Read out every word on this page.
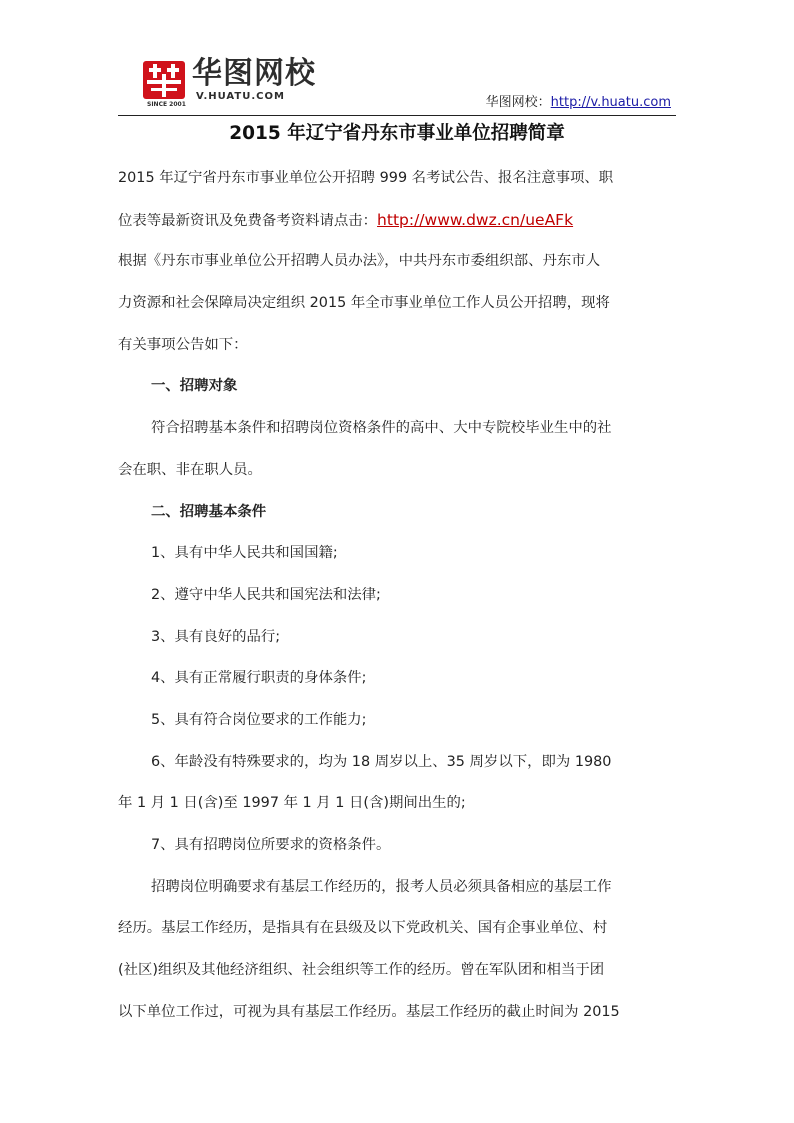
SINCE 2001
华图网校
V.HUATU.COM	华图网校：http://v.huatu.com
2015 年辽宁省丹东市事业单位招聘简章
2015 年辽宁省丹东市事业单位公开招聘 999 名考试公告、报名注意事项、职
位表等最新资讯及免费备考资料请点击：http://www.dwz.cn/ueAFk
根据《丹东市事业单位公开招聘人员办法》，中共丹东市委组织部、丹东市人
力资源和社会保障局决定组织 2015 年全市事业单位工作人员公开招聘，现将
有关事项公告如下：
一、招聘对象
符合招聘基本条件和招聘岗位资格条件的高中、大中专院校毕业生中的社
会在职、非在职人员。
二、招聘基本条件
1、具有中华人民共和国国籍;
2、遵守中华人民共和国宪法和法律;
3、具有良好的品行;
4、具有正常履行职责的身体条件;
5、具有符合岗位要求的工作能力;
6、年龄没有特殊要求的，均为 18 周岁以上、35 周岁以下，即为 1980
年 1 月 1 日(含)至 1997 年 1 月 1 日(含)期间出生的;
7、具有招聘岗位所要求的资格条件。
招聘岗位明确要求有基层工作经历的，报考人员必须具备相应的基层工作
经历。基层工作经历，是指具有在县级及以下党政机关、国有企事业单位、村
(社区)组织及其他经济组织、社会组织等工作的经历。曾在军队团和相当于团
以下单位工作过，可视为具有基层工作经历。基层工作经历的截止时间为 2015
